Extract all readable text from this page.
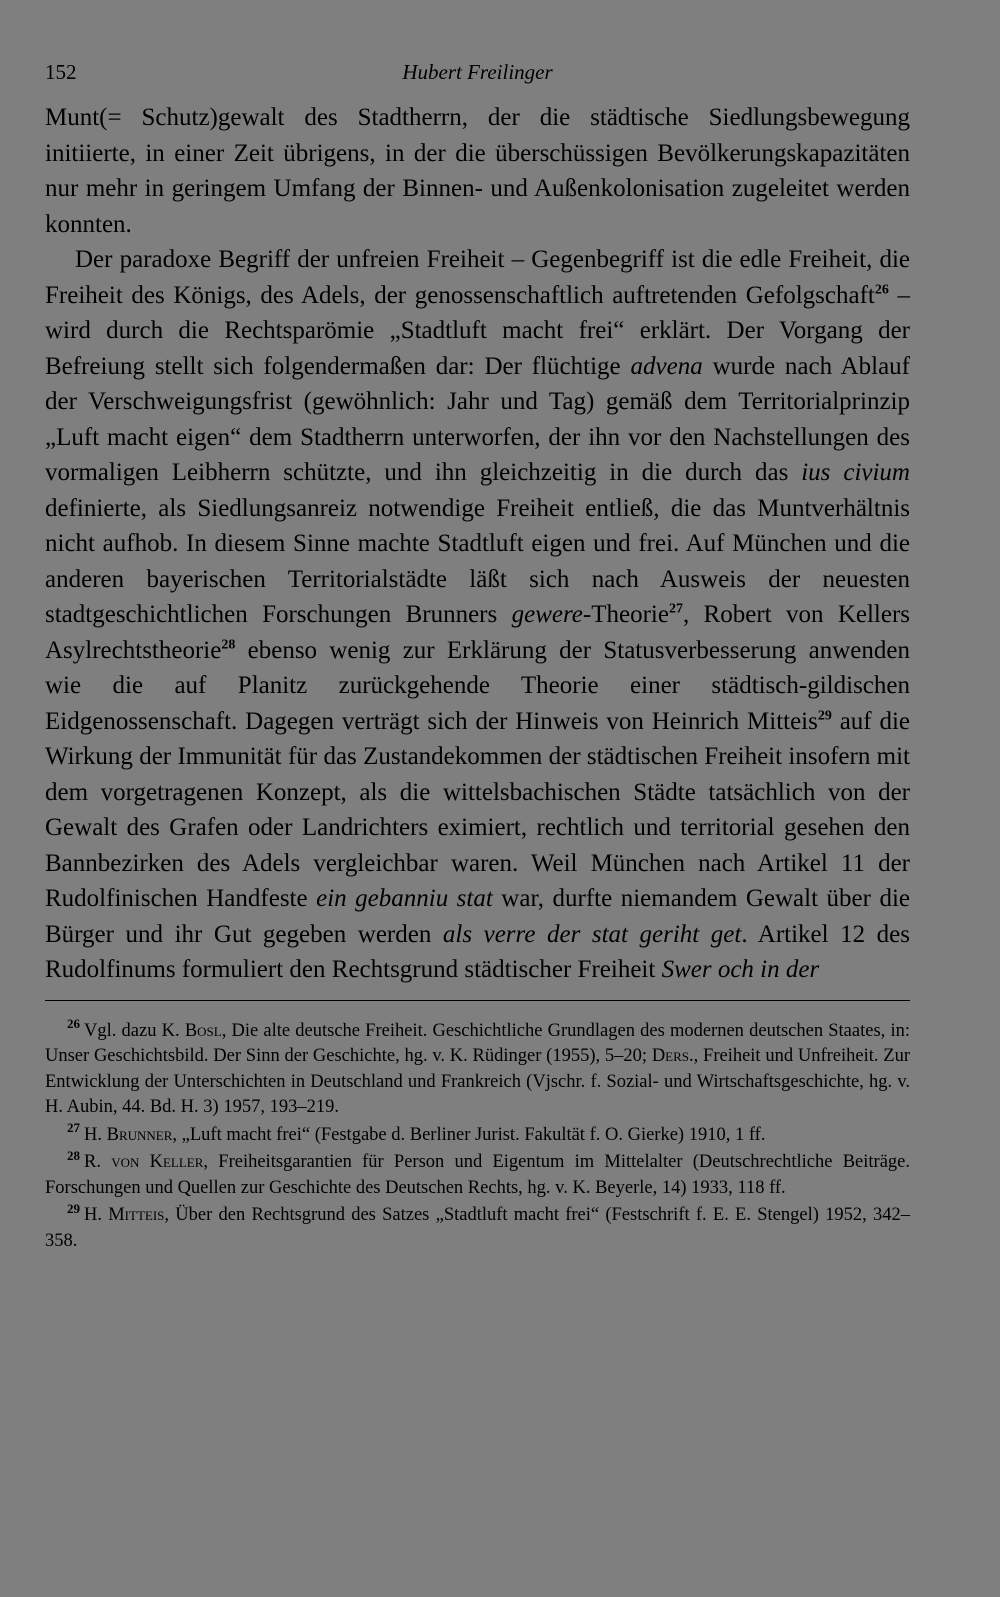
152	Hubert Freilinger

Munt(= Schutz)gewalt des Stadtherrn, der die städtische Siedlungsbewegung initiierte, in einer Zeit übrigens, in der die überschüssigen Bevölkerungskapazitäten nur mehr in geringem Umfang der Binnen- und Außenkolonisation zugeleitet werden konnten.

Der paradoxe Begriff der unfreien Freiheit – Gegenbegriff ist die edle Freiheit, die Freiheit des Königs, des Adels, der genossenschaftlich auftretenden Gefolgschaft$^{26}$ – wird durch die Rechtsparömie „Stadtluft macht frei“ erklärt. Der Vorgang der Befreiung stellt sich folgendermaßen dar: Der flüchtige advena wurde nach Ablauf der Verschweigungsfrist (gewöhnlich: Jahr und Tag) gemäß dem Territorialprinzip „Luft macht eigen“ dem Stadtherrn unterworfen, der ihn vor den Nachstellungen des vormaligen Leibherrn schützte, und ihn gleichzeitig in die durch das ius civium definierte, als Siedlungsanreiz notwendige Freiheit entließ, die das Muntverhältnis nicht aufhob. In diesem Sinne machte Stadtluft eigen und frei. Auf München und die anderen bayerischen Territorialstädte läßt sich nach Ausweis der neuesten stadtgeschichtlichen Forschungen Brunners gewere-Theorie$^{27}$, Robert von Kellers Asylrechtstheorie$^{28}$ ebenso wenig zur Erklärung der Statusverbesserung anwenden wie die auf Planitz zurückgehende Theorie einer städtisch-gildischen Eidgenossenschaft. Dagegen verträgt sich der Hinweis von Heinrich Mitteis$^{29}$ auf die Wirkung der Immunität für das Zustandekommen der städtischen Freiheit insofern mit dem vorgetragenen Konzept, als die wittelsbachischen Städte tatsächlich von der Gewalt des Grafen oder Landrichters eximiert, rechtlich und territorial gesehen den Bannbezirken des Adels vergleichbar waren. Weil München nach Artikel 11 der Rudolfinischen Handfeste ein gebanniu stat war, durfte niemandem Gewalt über die Bürger und ihr Gut gegeben werden als verre der stat geriht get. Artikel 12 des Rudolfinums formuliert den Rechtsgrund städtischer Freiheit Swer och in der

$^{26}$ Vgl. dazu K. Bosl, Die alte deutsche Freiheit. Geschichtliche Grundlagen des modernen deutschen Staates, in: Unser Geschichtsbild. Der Sinn der Geschichte, hg. v. K. Rüdinger (1955), 5–20; Ders., Freiheit und Unfreiheit. Zur Entwicklung der Unterschichten in Deutschland und Frankreich (Vjschr. f. Sozial- und Wirtschaftsgeschichte, hg. v. H. Aubin, 44. Bd. H. 3) 1957, 193–219.

$^{27}$ H. Brunner, „Luft macht frei“ (Festgabe d. Berliner Jurist. Fakultät f. O. Gierke) 1910, 1 ff.

$^{28}$ R. von Keller, Freiheitsgarantien für Person und Eigentum im Mittelalter (Deutschrechtliche Beiträge. Forschungen und Quellen zur Geschichte des Deutschen Rechts, hg. v. K. Beyerle, 14) 1933, 118 ff.

$^{29}$ H. Mitteis, Über den Rechtsgrund des Satzes „Stadtluft macht frei“ (Festschrift f. E. E. Stengel) 1952, 342–358.
